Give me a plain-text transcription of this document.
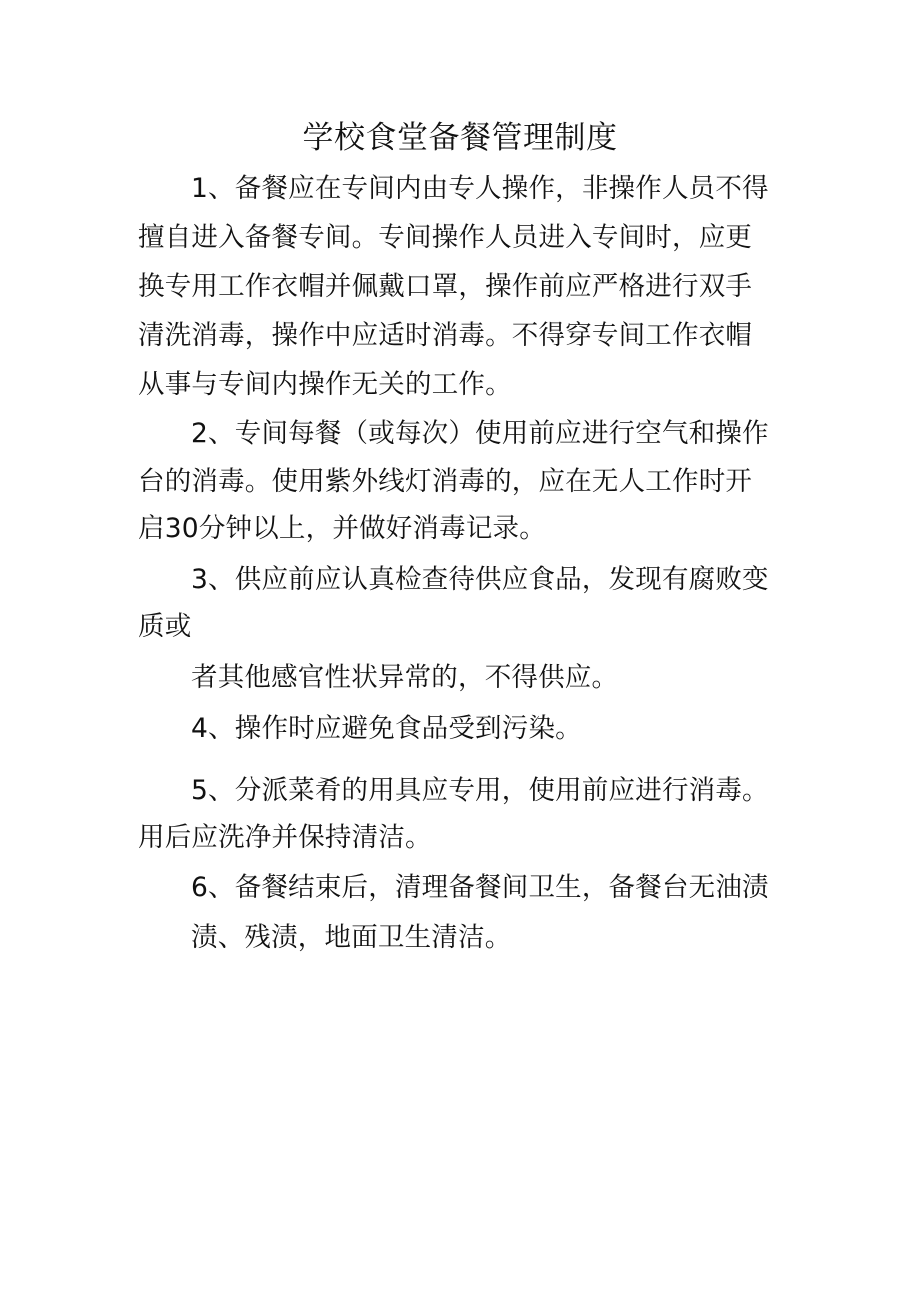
学校食堂备餐管理制度
1、备餐应在专间内由专人操作，非操作人员不得
擅自进入备餐专间。专间操作人员进入专间时，应更
换专用工作衣帽并佩戴口罩，操作前应严格进行双手
清洗消毒，操作中应适时消毒。不得穿专间工作衣帽
从事与专间内操作无关的工作。
2、专间每餐（或每次）使用前应进行空气和操作
台的消毒。使用紫外线灯消毒的，应在无人工作时开
启30分钟以上，并做好消毒记录。
3、供应前应认真检查待供应食品，发现有腐败变
质或
者其他感官性状异常的，不得供应。
4、操作时应避免食品受到污染。
5、分派菜肴的用具应专用，使用前应进行消毒。
用后应洗净并保持清洁。
6、备餐结束后，清理备餐间卫生，备餐台无油渍
渍、残渍，地面卫生清洁。
